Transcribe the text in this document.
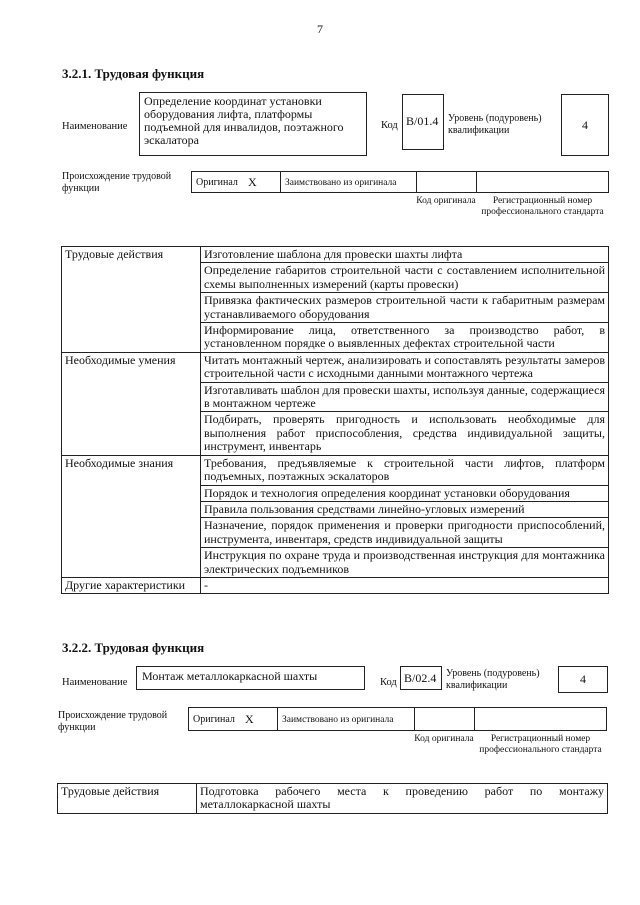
7
3.2.1. Трудовая функция
Наименование
Определение координат установки оборудования лифта, платформы подъемной для инвалидов, поэтажного эскалатора
Код B/01.4 Уровень (подуровень) квалификации	4
Происхождение трудовой функции
Оригинал X	Заимствовано из оригинала
Код оригинала	Регистрационный номер профессионального стандарта
Трудовые действия	Изготовление шаблона для провески шахты лифта
	Определение габаритов строительной части с составлением исполнительной схемы выполненных измерений (карты провески)
	Привязка фактических размеров строительной части к габаритным размерам устанавливаемого оборудования
	Информирование лица, ответственного за производство работ, в установленном порядке о выявленных дефектах строительной части
Необходимые умения	Читать монтажный чертеж, анализировать и сопоставлять результаты замеров строительной части с исходными данными монтажного чертежа
	Изготавливать шаблон для провески шахты, используя данные, содержащиеся в монтажном чертеже
	Подбирать, проверять пригодность и использовать необходимые для выполнения работ приспособления, средства индивидуальной защиты, инструмент, инвентарь
Необходимые знания	Требования, предъявляемые к строительной части лифтов, платформ подъемных, поэтажных эскалаторов
	Порядок и технология определения координат установки оборудования
	Правила пользования средствами линейно-угловых измерений
	Назначение, порядок применения и проверки пригодности приспособлений, инструмента, инвентаря, средств индивидуальной защиты
	Инструкция по охране труда и производственная инструкция для монтажника электрических подъемников
Другие характеристики	-
3.2.2. Трудовая функция
Наименование	Монтаж металлокаркасной шахты	Код B/02.4 Уровень (подуровень) квалификации	4
Происхождение трудовой функции
Оригинал X	Заимствовано из оригинала
Код оригинала	Регистрационный номер профессионального стандарта
Трудовые действия	Подготовка рабочего места к проведению работ по монтажу металлокаркасной шахты
